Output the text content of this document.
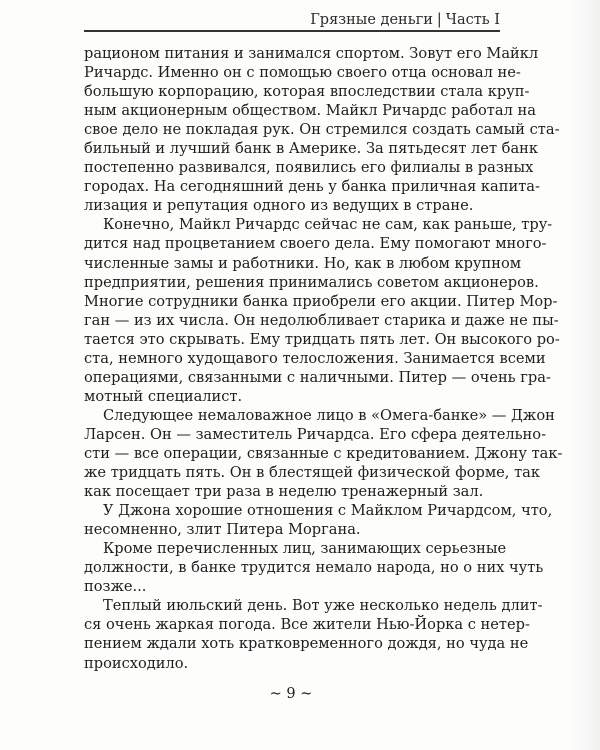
Грязные деньги | Часть I
рационом питания и занимался спортом. Зовут его Майкл
Ричардс. Именно он с помощью своего отца основал не-
большую корпорацию, которая впоследствии стала круп-
ным акционерным обществом. Майкл Ричардс работал на
свое дело не покладая рук. Он стремился создать самый ста-
бильный и лучший банк в Америке. За пятьдесят лет банк
постепенно развивался, появились его филиалы в разных
городах. На сегодняшний день у банка приличная капита-
лизация и репутация одного из ведущих в стране.
Конечно, Майкл Ричардс сейчас не сам, как раньше, тру-
дится над процветанием своего дела. Ему помогают много-
численные замы и работники. Но, как в любом крупном
предприятии, решения принимались советом акционеров.
Многие сотрудники банка приобрели его акции. Питер Мор-
ган — из их числа. Он недолюбливает старика и даже не пы-
тается это скрывать. Ему тридцать пять лет. Он высокого ро-
ста, немного худощавого телосложения. Занимается всеми
операциями, связанными с наличными. Питер — очень гра-
мотный специалист.
Следующее немаловажное лицо в «Омега-банке» — Джон
Ларсен. Он — заместитель Ричардса. Его сфера деятельно-
сти — все операции, связанные с кредитованием. Джону так-
же тридцать пять. Он в блестящей физической форме, так
как посещает три раза в неделю тренажерный зал.
У Джона хорошие отношения с Майклом Ричардсом, что,
несомненно, злит Питера Моргана.
Кроме перечисленных лиц, занимающих серьезные
должности, в банке трудится немало народа, но о них чуть
позже...
Теплый июльский день. Вот уже несколько недель длит-
ся очень жаркая погода. Все жители Нью-Йорка с нетер-
пением ждали хоть кратковременного дождя, но чуда не
происходило.
~ 9 ~
